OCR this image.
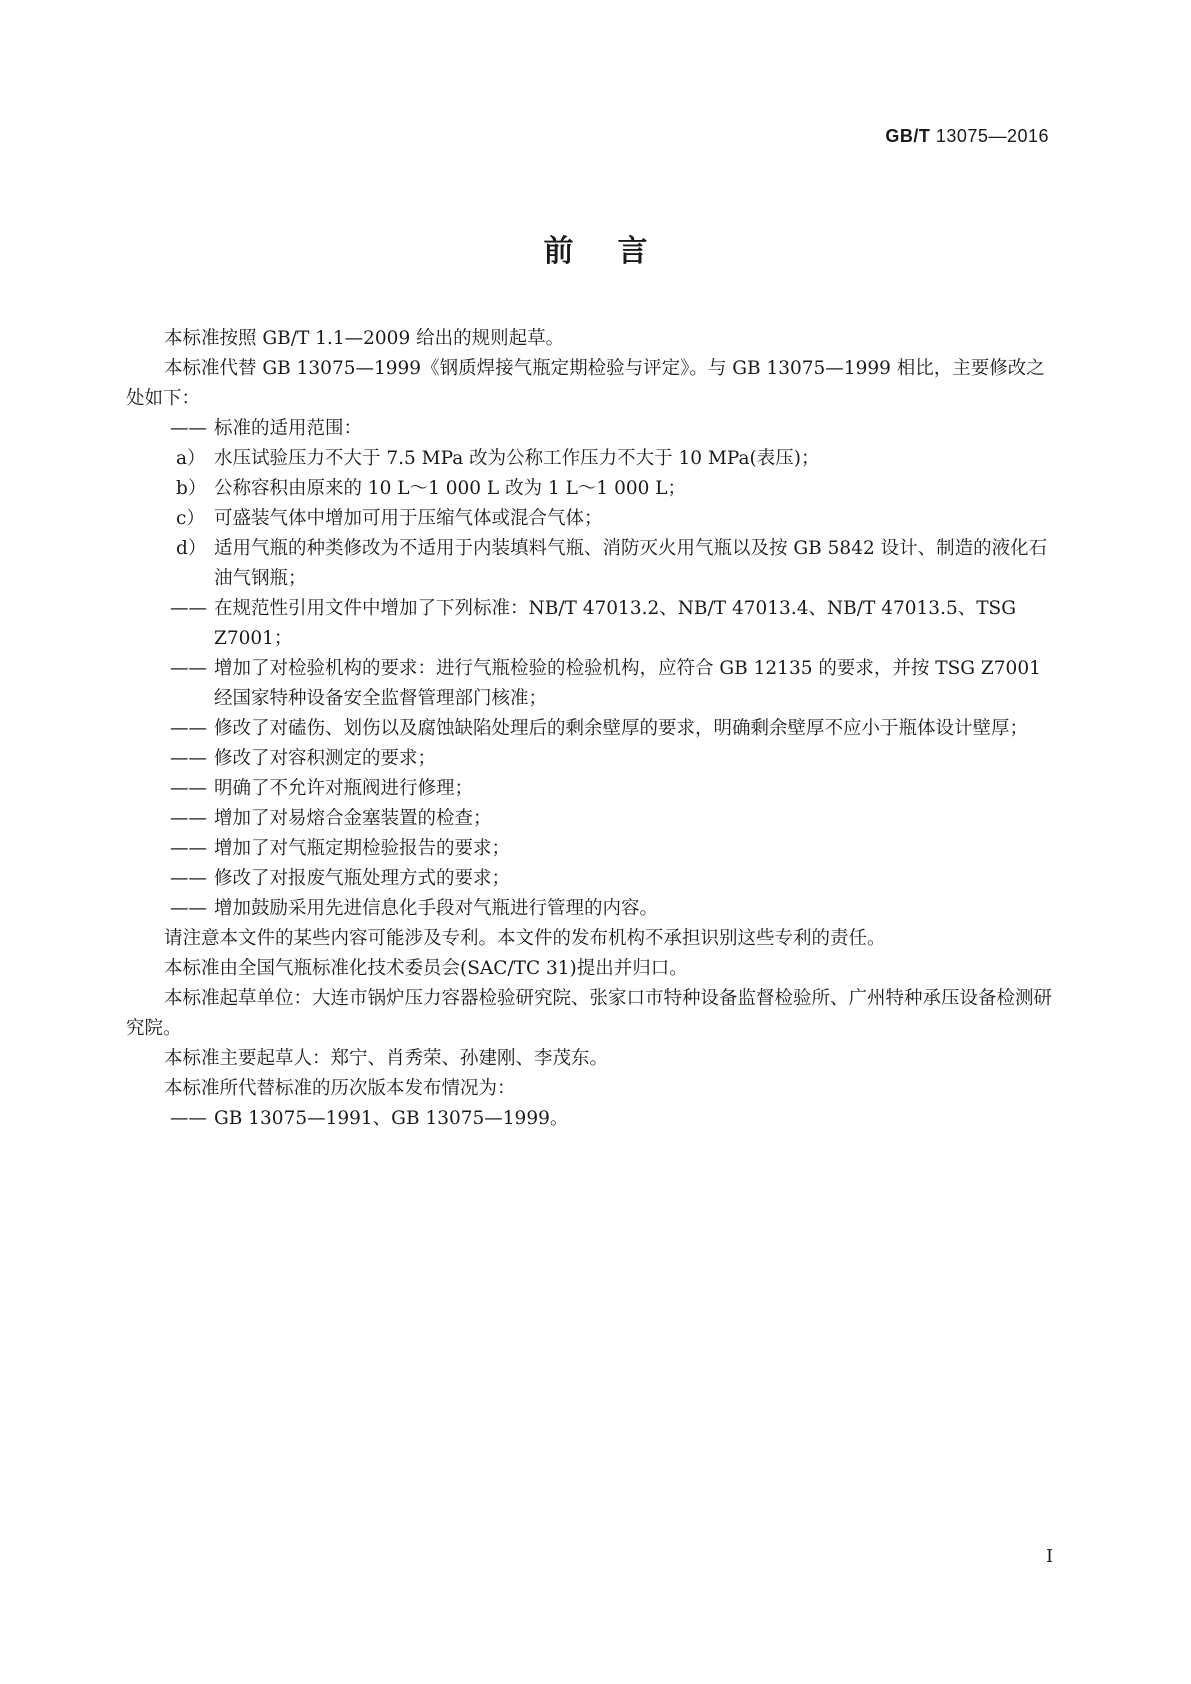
GB/T 13075—2016
前言

本标准按照 GB/T 1.1—2009 给出的规则起草。

本标准代替 GB 13075—1999《钢质焊接气瓶定期检验与评定》。与 GB 13075—1999 相比，主要修改之处如下：

—— 标准的适用范围：
a） 水压试验压力不大于 7.5 MPa 改为公称工作压力不大于 10 MPa(表压)；
b） 公称容积由原来的 10 L～1 000 L 改为 1 L～1 000 L；
c） 可盛装气体中增加可用于压缩气体或混合气体；
d） 适用气瓶的种类修改为不适用于内装填料气瓶、消防灭火用气瓶以及按 GB 5842 设计、制造的液化石油气钢瓶；
—— 在规范性引用文件中增加了下列标准：NB/T 47013.2、NB/T 47013.4、NB/T 47013.5、TSG Z7001；
—— 增加了对检验机构的要求：进行气瓶检验的检验机构，应符合 GB 12135 的要求，并按 TSG Z7001 经国家特种设备安全监督管理部门核准；
—— 修改了对磕伤、划伤以及腐蚀缺陷处理后的剩余壁厚的要求，明确剩余壁厚不应小于瓶体设计壁厚；
—— 修改了对容积测定的要求；
—— 明确了不允许对瓶阀进行修理；
—— 增加了对易熔合金塞装置的检查；
—— 增加了对气瓶定期检验报告的要求；
—— 修改了对报废气瓶处理方式的要求；
—— 增加鼓励采用先进信息化手段对气瓶进行管理的内容。

请注意本文件的某些内容可能涉及专利。本文件的发布机构不承担识别这些专利的责任。

本标准由全国气瓶标准化技术委员会(SAC/TC 31)提出并归口。

本标准起草单位：大连市锅炉压力容器检验研究院、张家口市特种设备监督检验所、广州特种承压设备检测研究院。

本标准主要起草人：郑宁、肖秀荣、孙建刚、李茂东。

本标准所代替标准的历次版本发布情况为：

—— GB 13075—1991、GB 13075—1999。
I
